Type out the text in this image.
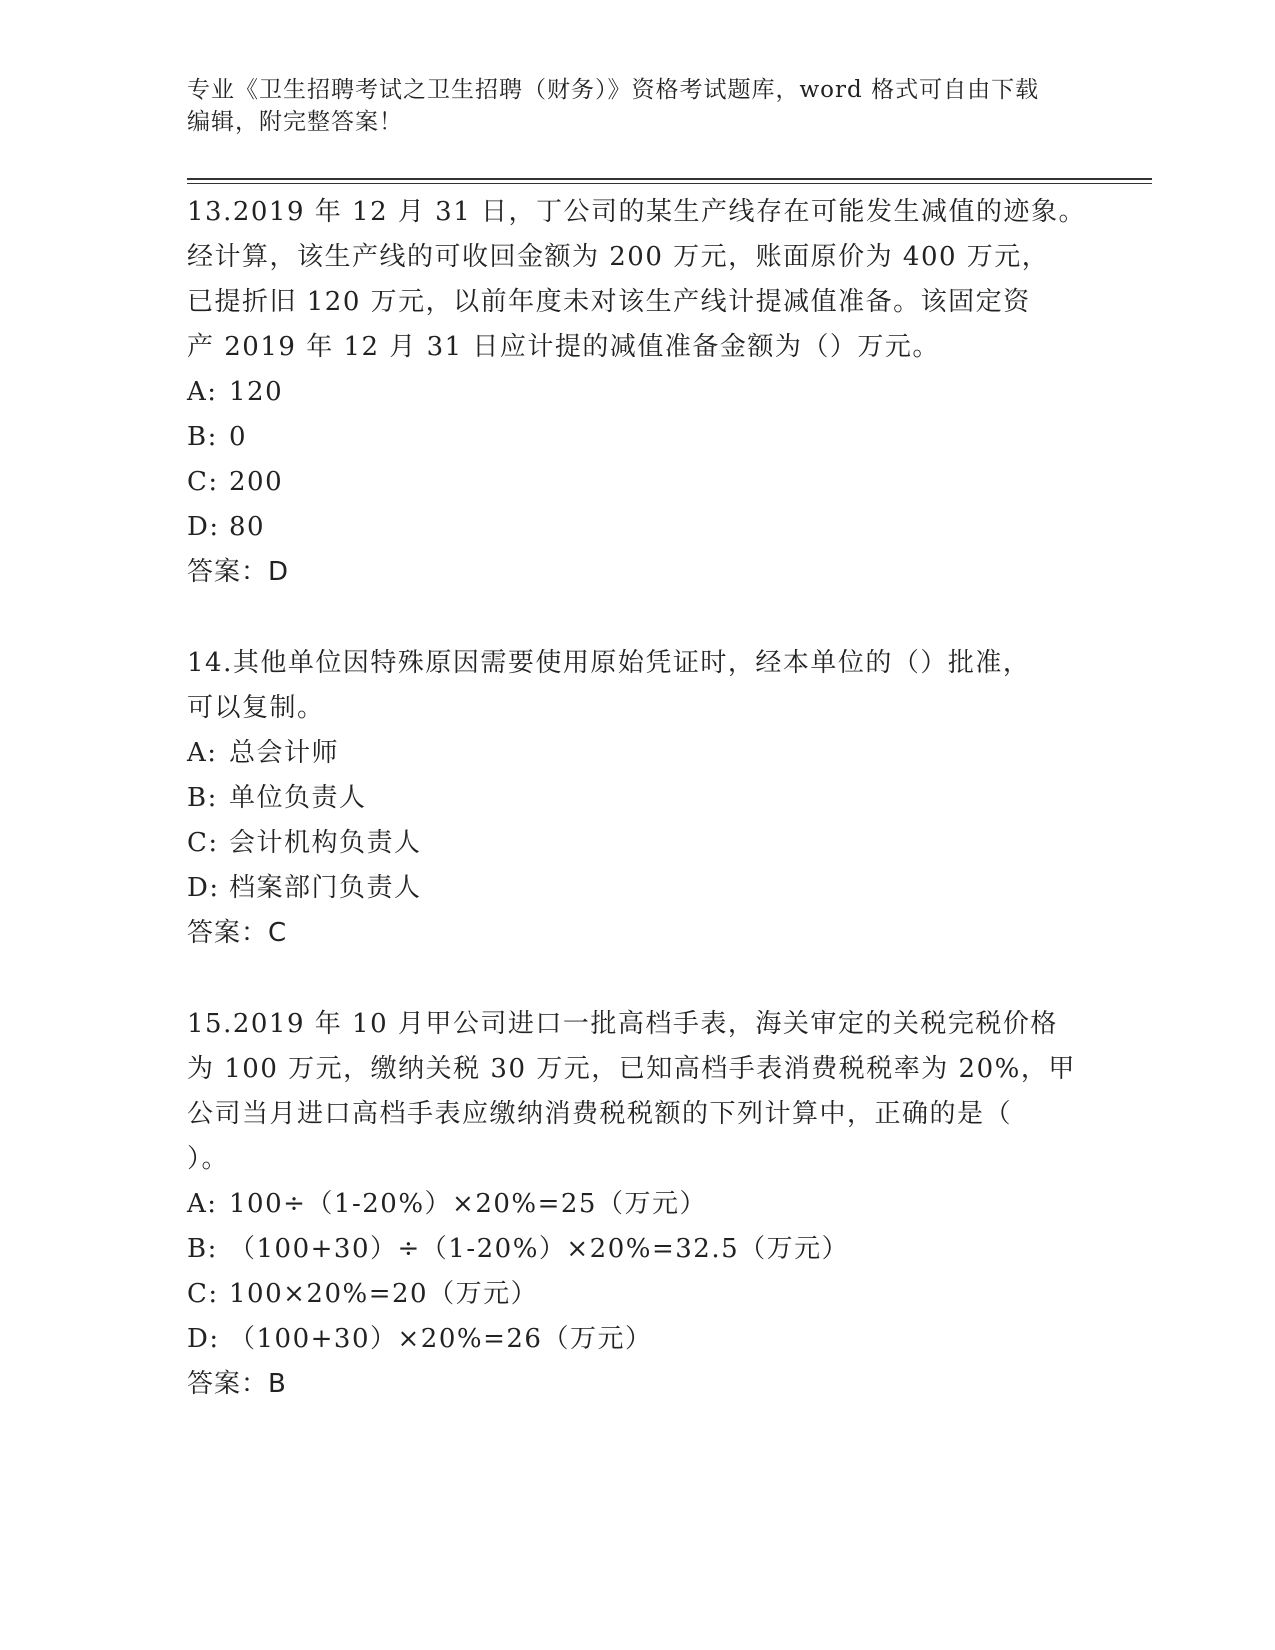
专业《卫生招聘考试之卫生招聘（财务）》资格考试题库，word 格式可自由下载
编辑，附完整答案！
13.2019 年 12 月 31 日，丁公司的某生产线存在可能发生减值的迹象。
经计算，该生产线的可收回金额为 200 万元，账面原价为 400 万元，
已提折旧 120 万元，以前年度未对该生产线计提减值准备。该固定资
产 2019 年 12 月 31 日应计提的减值准备金额为（）万元。
A: 120
B: 0
C: 200
D: 80
答案：D
14.其他单位因特殊原因需要使用原始凭证时，经本单位的（）批准，
可以复制。
A: 总会计师
B: 单位负责人
C: 会计机构负责人
D: 档案部门负责人
答案：C
15.2019 年 10 月甲公司进口一批高档手表，海关审定的关税完税价格
为 100 万元，缴纳关税 30 万元，已知高档手表消费税税率为 20%，甲
公司当月进口高档手表应缴纳消费税税额的下列计算中，正确的是（
）。
A: 100÷（1-20%）×20%=25（万元）
B: （100+30）÷（1-20%）×20%=32.5（万元）
C: 100×20%=20（万元）
D: （100+30）×20%=26（万元）
答案：B
